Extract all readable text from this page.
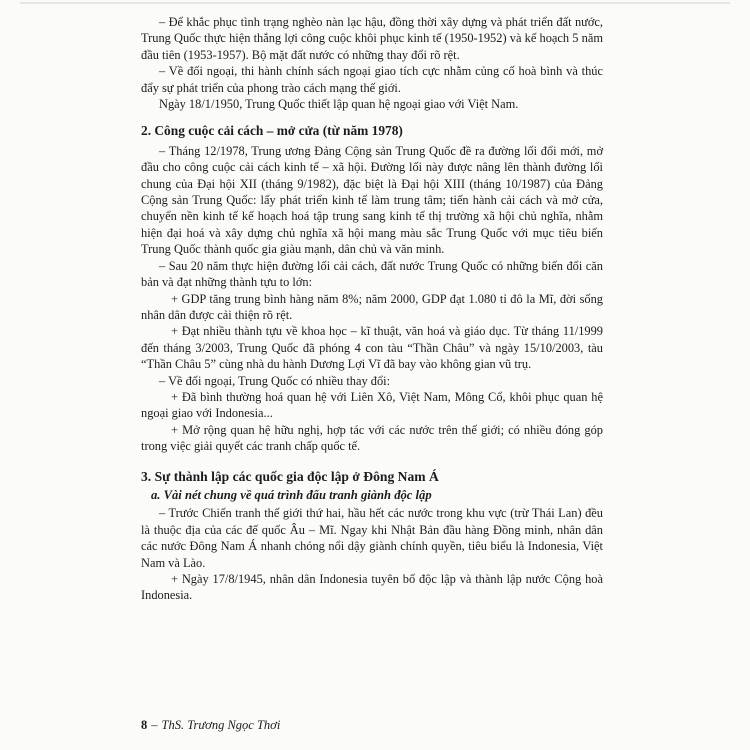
– Để khắc phục tình trạng nghèo nàn lạc hậu, đồng thời xây dựng và phát triển đất nước, Trung Quốc thực hiện thắng lợi công cuộc khôi phục kinh tế (1950-1952) và kế hoạch 5 năm đầu tiên (1953-1957). Bộ mặt đất nước có những thay đổi rõ rệt.

– Về đối ngoại, thi hành chính sách ngoại giao tích cực nhằm củng cố hoà bình và thúc đẩy sự phát triển của phong trào cách mạng thế giới.

Ngày 18/1/1950, Trung Quốc thiết lập quan hệ ngoại giao với Việt Nam.

2. Công cuộc cải cách – mở cửa (từ năm 1978)

– Tháng 12/1978, Trung ương Đảng Cộng sản Trung Quốc đề ra đường lối đổi mới, mở đầu cho công cuộc cải cách kinh tế – xã hội. Đường lối này được nâng lên thành đường lối chung của Đại hội XII (tháng 9/1982), đặc biệt là Đại hội XIII (tháng 10/1987) của Đảng Cộng sản Trung Quốc: lấy phát triển kinh tế làm trung tâm; tiến hành cải cách và mở cửa, chuyển nền kinh tế kế hoạch hoá tập trung sang kinh tế thị trường xã hội chủ nghĩa, nhằm hiện đại hoá và xây dựng chủ nghĩa xã hội mang màu sắc Trung Quốc với mục tiêu biến Trung Quốc thành quốc gia giàu mạnh, dân chủ và văn minh.

– Sau 20 năm thực hiện đường lối cải cách, đất nước Trung Quốc có những biến đổi căn bản và đạt những thành tựu to lớn:

+ GDP tăng trung bình hàng năm 8%; năm 2000, GDP đạt 1.080 tỉ đô la Mĩ, đời sống nhân dân được cải thiện rõ rệt.

+ Đạt nhiều thành tựu về khoa học – kĩ thuật, văn hoá và giáo dục. Từ tháng 11/1999 đến tháng 3/2003, Trung Quốc đã phóng 4 con tàu “Thần Châu” và ngày 15/10/2003, tàu “Thần Châu 5” cùng nhà du hành Dương Lợi Vĩ đã bay vào không gian vũ trụ.

– Về đối ngoại, Trung Quốc có nhiều thay đổi:

+ Đã bình thường hoá quan hệ với Liên Xô, Việt Nam, Mông Cổ, khôi phục quan hệ ngoại giao với Indonesia...

+ Mở rộng quan hệ hữu nghị, hợp tác với các nước trên thế giới; có nhiều đóng góp trong việc giải quyết các tranh chấp quốc tế.

3. Sự thành lập các quốc gia độc lập ở Đông Nam Á
a. Vài nét chung về quá trình đấu tranh giành độc lập

– Trước Chiến tranh thế giới thứ hai, hầu hết các nước trong khu vực (trừ Thái Lan) đều là thuộc địa của các đế quốc Âu – Mĩ. Ngay khi Nhật Bản đầu hàng Đồng minh, nhân dân các nước Đông Nam Á nhanh chóng nổi dậy giành chính quyền, tiêu biểu là Indonesia, Việt Nam và Lào.

+ Ngày 17/8/1945, nhân dân Indonesia tuyên bố độc lập và thành lập nước Cộng hoà Indonesia.

8 – ThS. Trương Ngọc Thơi
